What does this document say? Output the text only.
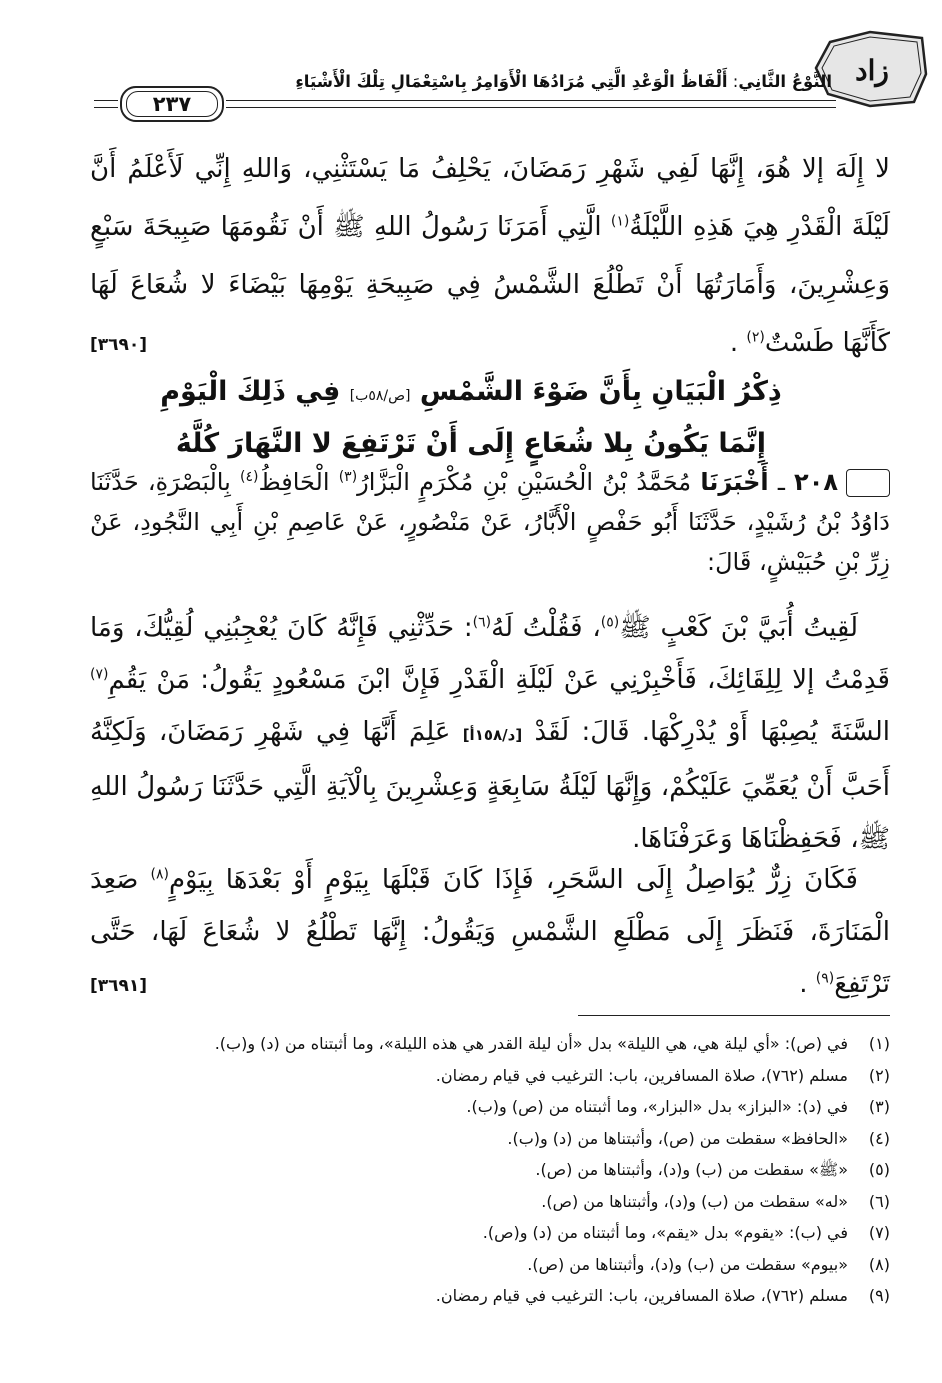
زاد
النَّوْعُ الثَّانِي: أَلْفَاظُ الْوَعْدِ الَّتِي مُرَادُهَا الْأَوَامِرُ بِاسْتِعْمَالِ تِلْكَ الْأَشْيَاءِ
٢٣٧

لا إِلَهَ إلا هُوَ، إِنَّهَا لَفِي شَهْرِ رَمَضَانَ، يَحْلِفُ مَا يَسْتَثْنِي، وَاللهِ إِنِّي لَأَعْلَمُ أَنَّ لَيْلَةَ الْقَدْرِ هِيَ هَذِهِ اللَّيْلَةُ$^{(١)}$ الَّتِي أَمَرَنَا رَسُولُ اللهِ ﷺ أَنْ نَقُومَهَا صَبِيحَةَ سَبْعٍ وَعِشْرِينَ، وَأَمَارَتُهَا أَنْ تَطْلُعَ الشَّمْسُ فِي صَبِيحَةِ يَوْمِهَا بَيْضَاءَ لا شُعَاعَ لَهَا كَأَنَّهَا طَسْتٌ$^{(٢)}$ .
[٣٦٩٠]

ذِكْرُ الْبَيَانِ بِأَنَّ ضَوْءَ الشَّمْسِ [ص/٥٨ب] فِي ذَلِكَ الْيَوْمِ
إِنَّمَا يَكُونُ بِلا شُعَاعٍ إِلَى أَنْ تَرْتَفِعَ لا النَّهَارَ كُلَّهُ

٢٠٨ ـ أَخْبَرَنَا مُحَمَّدُ بْنُ الْحُسَيْنِ بْنِ مُكْرَمٍ الْبَزَّارُ$^{(٣)}$ الْحَافِظُ$^{(٤)}$ بِالْبَصْرَةِ، حَدَّثَنَا دَاوُدُ بْنُ رُشَيْدٍ، حَدَّثَنَا أَبُو حَفْصٍ الْأَبَّارُ، عَنْ مَنْصُورٍ، عَنْ عَاصِمِ بْنِ أَبِي النَّجُودِ، عَنْ زِرِّ بْنِ حُبَيْشٍ، قَالَ:

لَقِيتُ أُبَيَّ بْنَ كَعْبٍ ﷺ$^{(٥)}$، فَقُلْتُ لَهُ$^{(٦)}$: حَدِّثْنِي فَإِنَّهُ كَانَ يُعْجِبُنِي لُقِيُّكَ، وَمَا قَدِمْتُ إلا لِلِقَائِكَ، فَأَخْبِرْنِي عَنْ لَيْلَةِ الْقَدْرِ فَإِنَّ ابْنَ مَسْعُودٍ يَقُولُ: مَنْ يَقُمِ$^{(٧)}$ السَّنَةَ يُصِبْهَا أَوْ يُدْرِكْهَا. قَالَ: لَقَدْ [د/١٥٨أ] عَلِمَ أَنَّهَا فِي شَهْرِ رَمَضَانَ، وَلَكِنَّهُ أَحَبَّ أَنْ يُعَمِّيَ عَلَيْكُمْ، وَإِنَّهَا لَيْلَةُ سَابِعَةٍ وَعِشْرِينَ بِالْآيَةِ الَّتِي حَدَّثَنَا رَسُولُ اللهِ ﷺ، فَحَفِظْنَاهَا وَعَرَفْنَاهَا.

فَكَانَ زِرٌّ يُوَاصِلُ إِلَى السَّحَرِ، فَإِذَا كَانَ قَبْلَهَا بِيَوْمٍ أَوْ بَعْدَهَا بِيَوْمٍ$^{(٨)}$ صَعِدَ الْمَنَارَةَ، فَنَظَرَ إِلَى مَطْلَعِ الشَّمْسِ وَيَقُولُ: إِنَّهَا تَطْلُعُ لا شُعَاعَ لَهَا، حَتَّى تَرْتَفِعَ$^{(٩)}$ .
[٣٦٩١]

(١)في (ص): «أي ليلة هي، هي الليلة» بدل «أن ليلة القدر هي هذه الليلة»، وما أثبتناه من (د) و(ب).

(٢)مسلم (٧٦٢)، صلاة المسافرين، باب: الترغيب في قيام رمضان.

(٣)في (د): «البزاز» بدل «البزار»، وما أثبتناه من (ص) و(ب).

(٤)«الحافظ» سقطت من (ص)، وأثبتناها من (د) و(ب).

(٥)«ﷺ» سقطت من (ب) و(د)، وأثبتناها من (ص).

(٦)«له» سقطت من (ب) و(د)، وأثبتناها من (ص).

(٧)في (ب): «يقوم» بدل «يقم»، وما أثبتناه من (د) و(ص).

(٨)«بيوم» سقطت من (ب) و(د)، وأثبتناها من (ص).

(٩)مسلم (٧٦٢)، صلاة المسافرين، باب: الترغيب في قيام رمضان.
